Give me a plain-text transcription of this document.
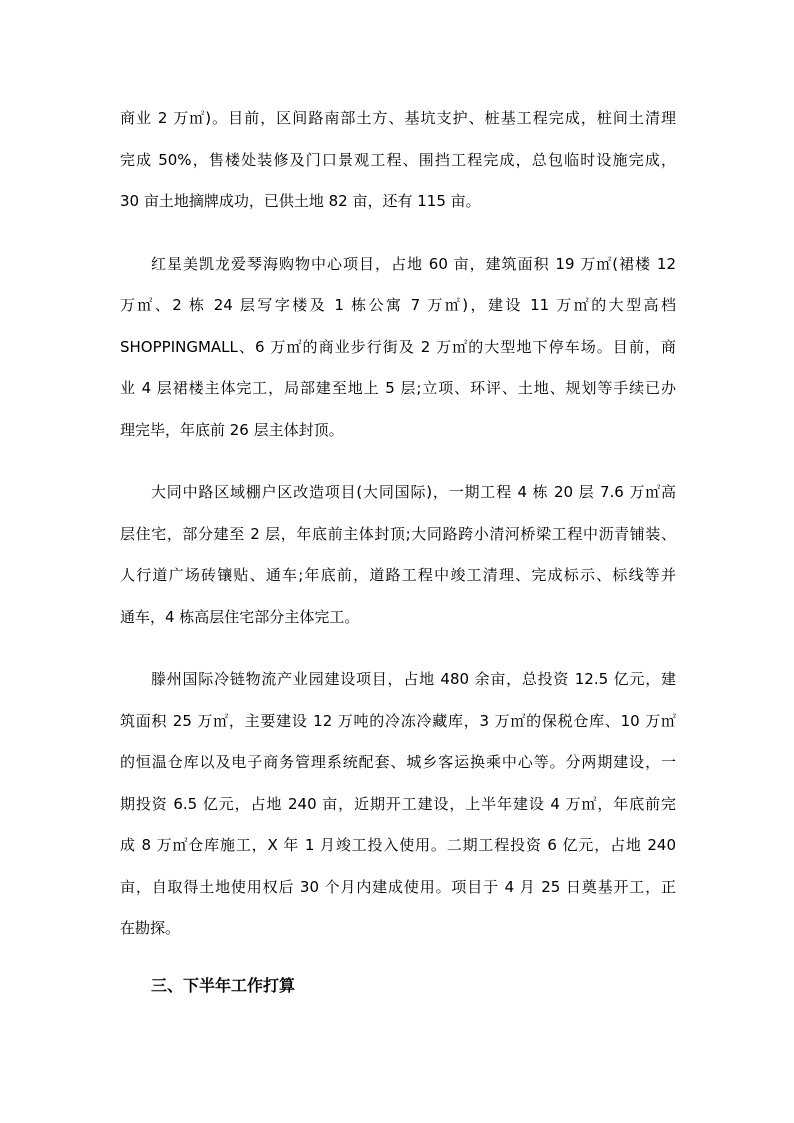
商业 2 万㎡)。目前，区间路南部土方、基坑支护、桩基工程完成，桩间土清理
完成 50%，售楼处装修及门口景观工程、围挡工程完成，总包临时设施完成，
30 亩土地摘牌成功，已供土地 82 亩，还有 115 亩。
红星美凯龙爱琴海购物中心项目，占地 60 亩，建筑面积 19 万㎡(裙楼 12
万㎡、2 栋 24 层写字楼及 1 栋公寓 7 万㎡)，建设 11 万㎡的大型高档
SHOPPINGMALL、6 万㎡的商业步行街及 2 万㎡的大型地下停车场。目前，商
业 4 层裙楼主体完工，局部建至地上 5 层;立项、环评、土地、规划等手续已办
理完毕，年底前 26 层主体封顶。
大同中路区域棚户区改造项目(大同国际)，一期工程 4 栋 20 层 7.6 万㎡高
层住宅，部分建至 2 层，年底前主体封顶;大同路跨小清河桥梁工程中沥青铺装、
人行道广场砖镶贴、通车;年底前，道路工程中竣工清理、完成标示、标线等并
通车，4 栋高层住宅部分主体完工。
滕州国际冷链物流产业园建设项目，占地 480 余亩，总投资 12.5 亿元，建
筑面积 25 万㎡，主要建设 12 万吨的冷冻冷藏库，3 万㎡的保税仓库、10 万㎡
的恒温仓库以及电子商务管理系统配套、城乡客运换乘中心等。分两期建设，一
期投资 6.5 亿元，占地 240 亩，近期开工建设，上半年建设 4 万㎡，年底前完
成 8 万㎡仓库施工，X 年 1 月竣工投入使用。二期工程投资 6 亿元，占地 240
亩，自取得土地使用权后 30 个月内建成使用。项目于 4 月 25 日奠基开工，正
在勘探。
三、下半年工作打算
